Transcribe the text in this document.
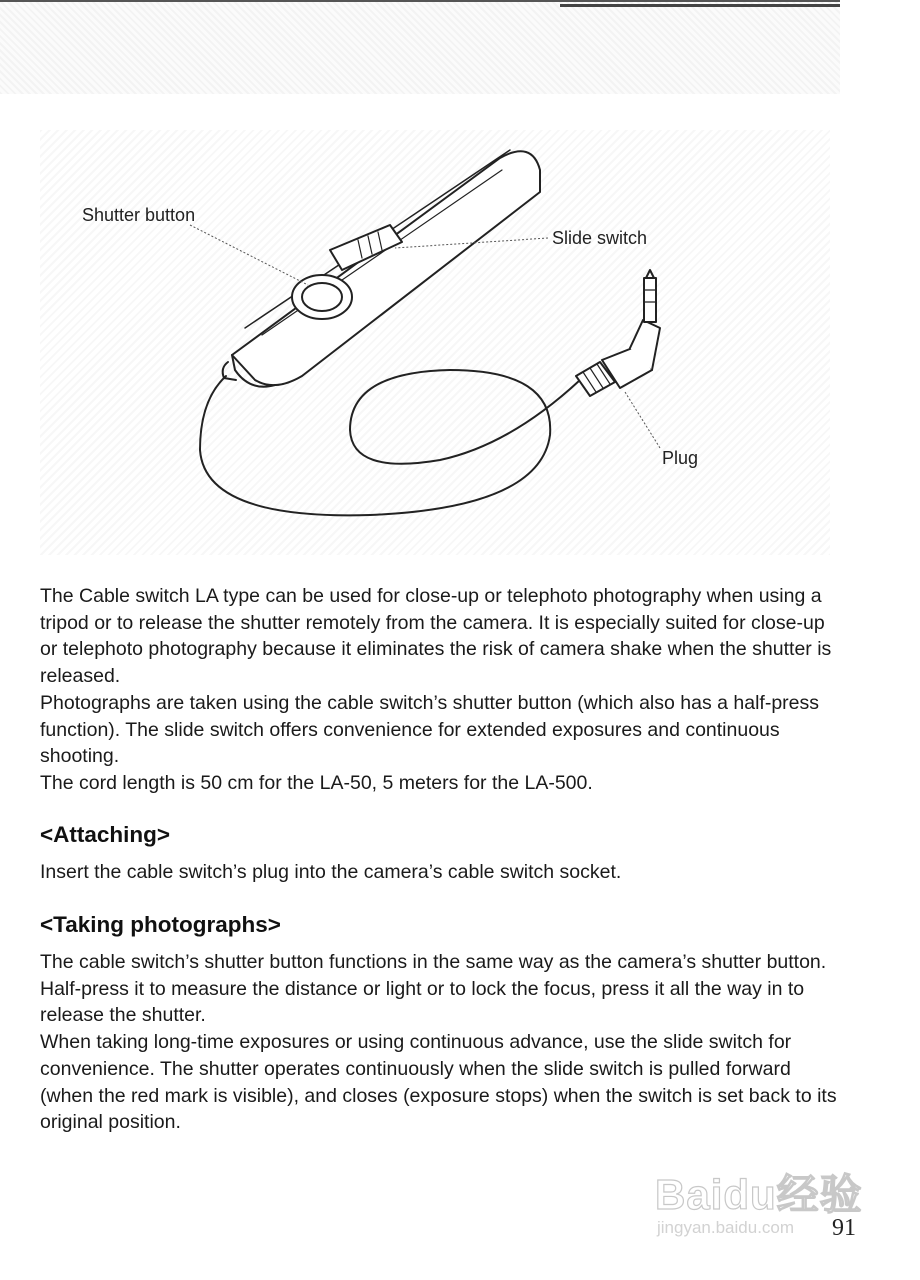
Shutter button
Slide switch
Plug

The Cable switch LA type can be used for close-up or telephoto photography when using a tripod or to release the shutter remotely from the camera. It is especially suited for close-up or telephoto photography because it eliminates the risk of camera shake when the shutter is released.

Photographs are taken using the cable switch’s shutter button (which also has a half-press function). The slide switch offers convenience for extended exposures and continuous shooting.

The cord length is 50 cm for the LA-50, 5 meters for the LA-500.

<Attaching>

Insert the cable switch’s plug into the camera’s cable switch socket.

<Taking photographs>

The cable switch’s shutter button functions in the same way as the camera’s shutter button. Half-press it to measure the distance or light or to lock the focus, press it all the way in to release the shutter.

When taking long-time exposures or using continuous advance, use the slide switch for convenience. The shutter operates continuously when the slide switch is pulled forward (when the red mark is visible), and closes (exposure stops) when the switch is set back to its original position.

Baidu经验
jingyan.baidu.com 91
